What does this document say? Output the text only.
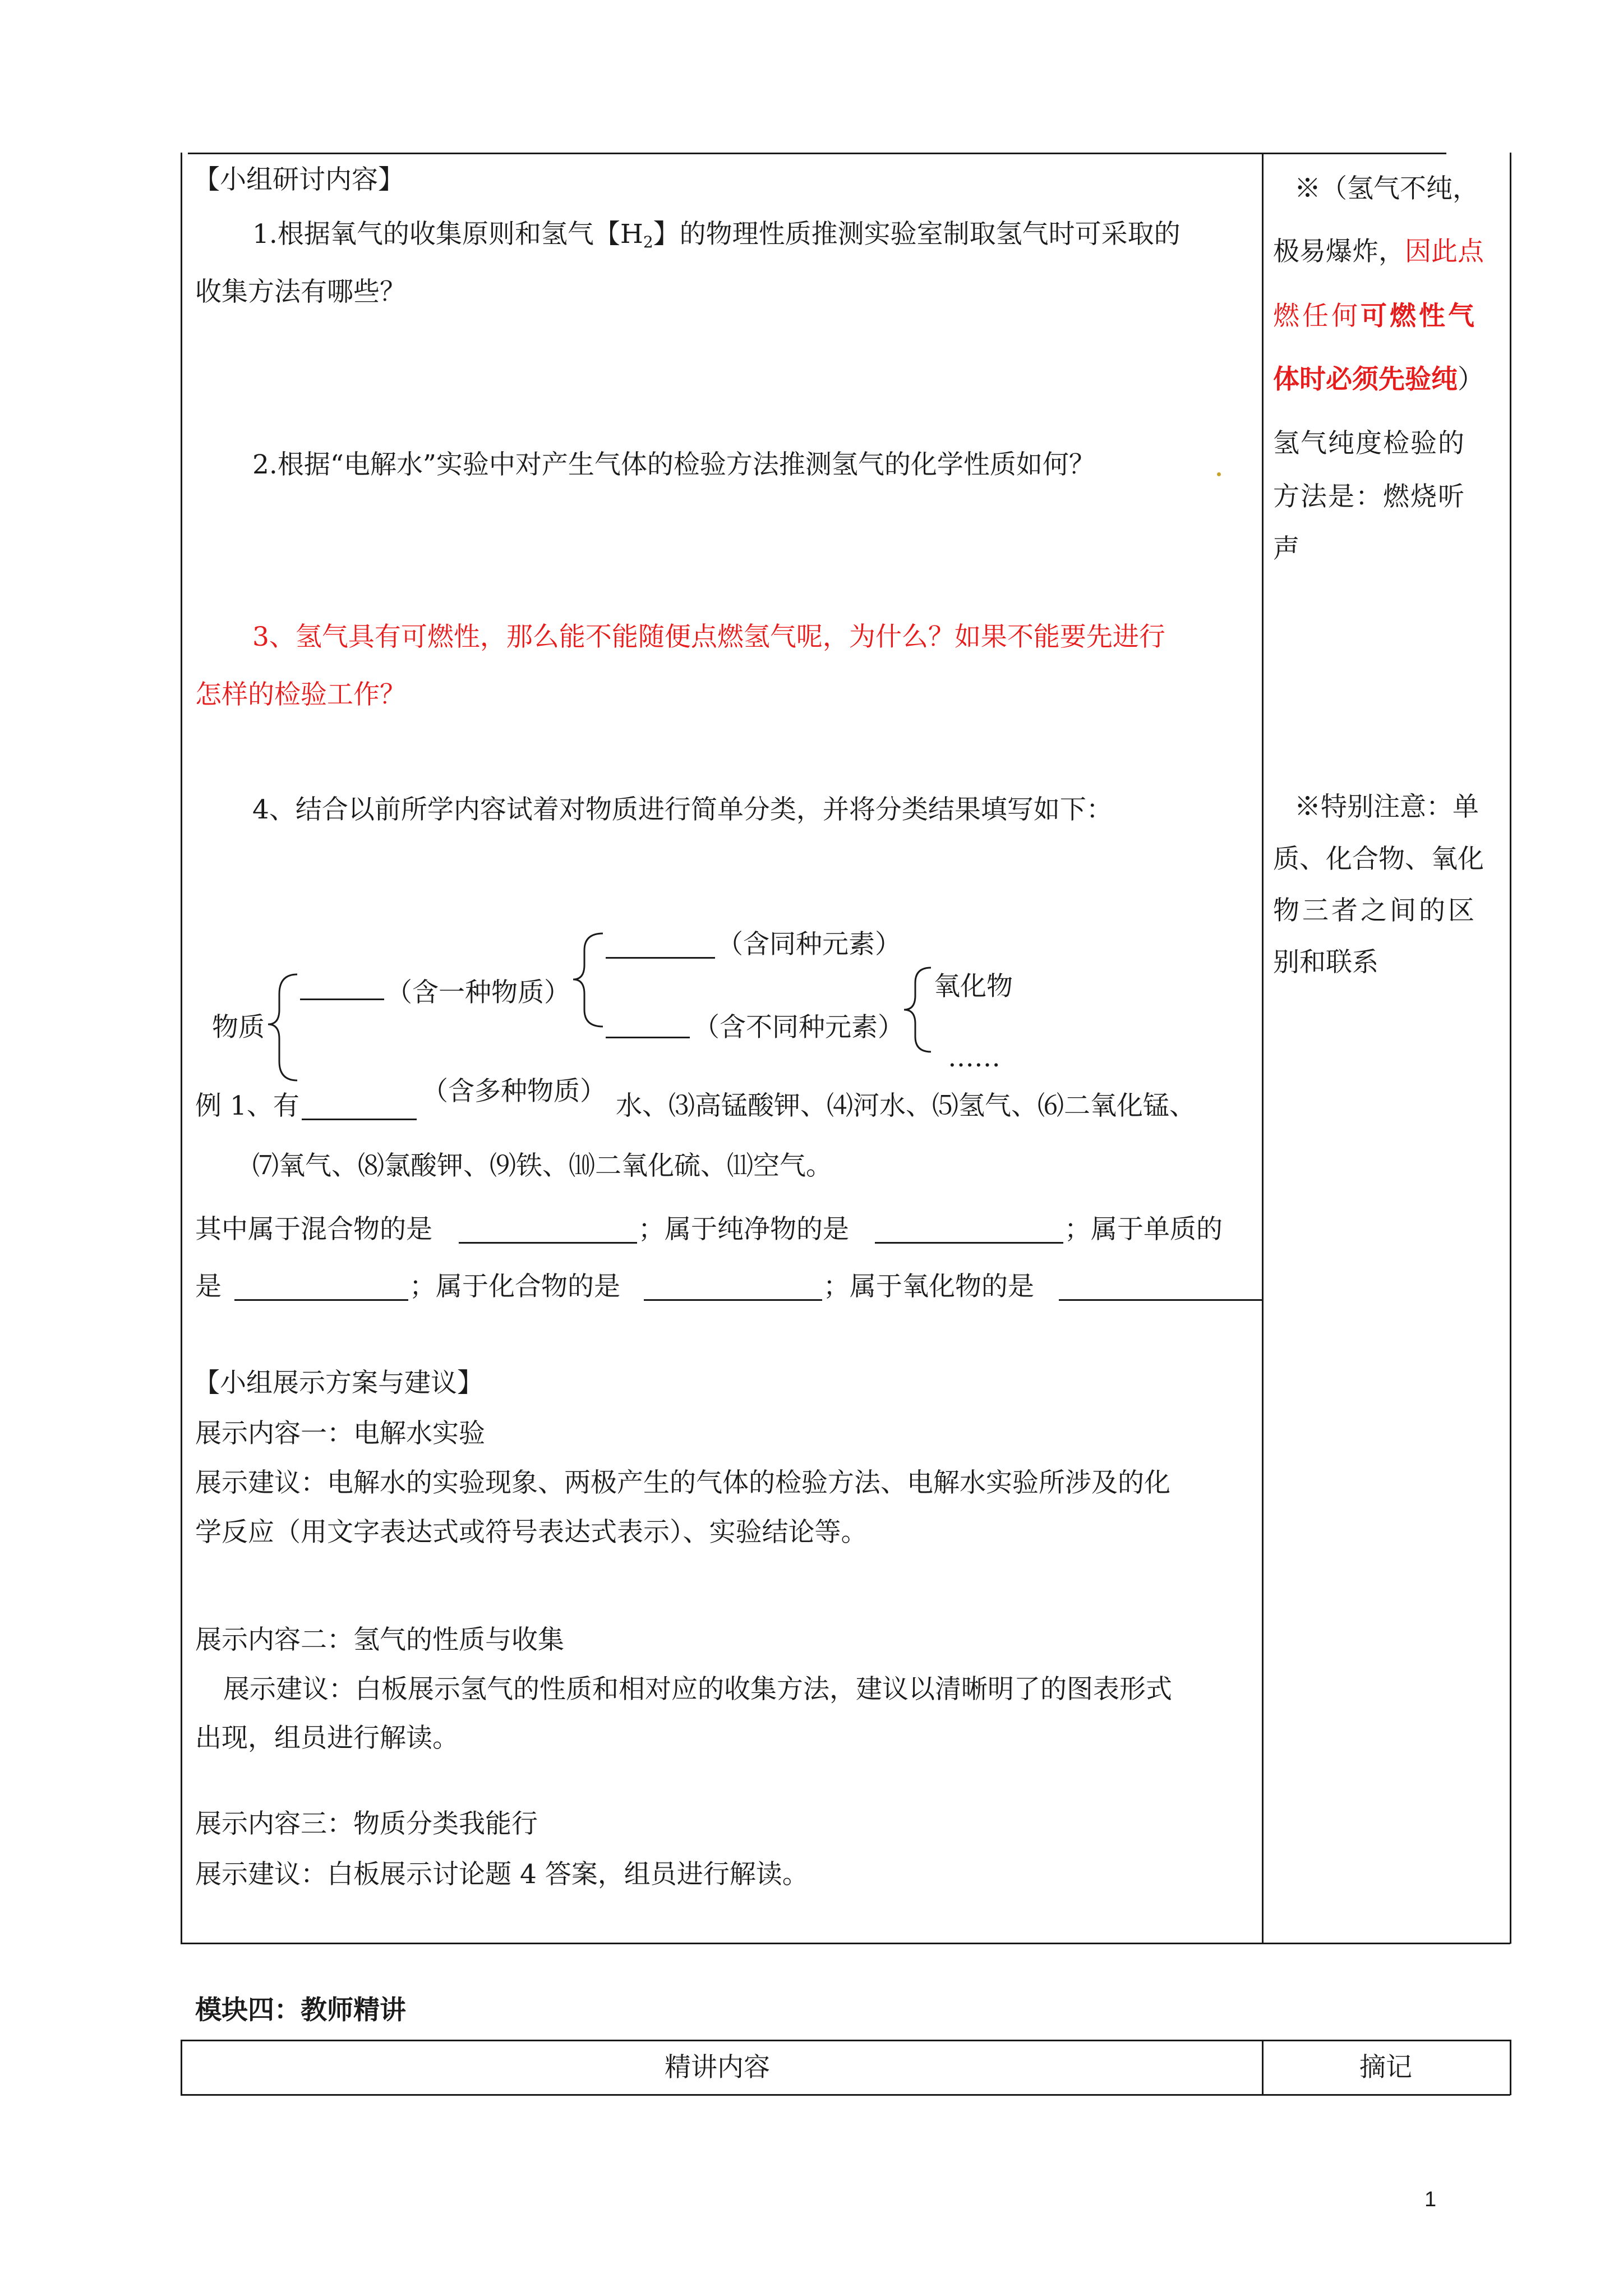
【小组研讨内容】
1.根据氧气的收集原则和氢气【$H_2$】的物理性质推测实验室制取氢气时可采取的
收集方法有哪些？
2.根据“电解水”实验中对产生气体的检验方法推测氢气的化学性质如何？
3、氢气具有可燃性，那么能不能随便点燃氢气呢，为什么？如果不能要先进行
怎样的检验工作？
4、结合以前所学内容试着对物质进行简单分类，并将分类结果填写如下：
物质
（含一种物质）
（含同种元素）
（含不同种元素）
氧化物
……
（含多种物质）
例 1、有	水、⑶高锰酸钾、⑷河水、⑸氢气、⑹二氧化锰、
⑺氧气、⑻氯酸钾、⑼铁、⑽二氧化硫、⑾空气。
其中属于混合物的是	；属于纯净物的是	；属于单质的
是	；属于化合物的是	；属于氧化物的是
【小组展示方案与建议】
展示内容一：电解水实验
展示建议：电解水的实验现象、两极产生的气体的检验方法、电解水实验所涉及的化
学反应（用文字表达式或符号表达式表示）、实验结论等。
展示内容二：氢气的性质与收集
展示建议：白板展示氢气的性质和相对应的收集方法，建议以清晰明了的图表形式
出现，组员进行解读。
展示内容三：物质分类我能行
展示建议：白板展示讨论题 4 答案，组员进行解读。
※（氢气不纯，
极易爆炸，因此点
燃任何可燃性气
体时必须先验纯）
氢气纯度检验的
方法是：燃烧听
声
※特别注意：单
质、化合物、氧化
物三者之间的区
别和联系
模块四：教师精讲
精讲内容	摘记
1
